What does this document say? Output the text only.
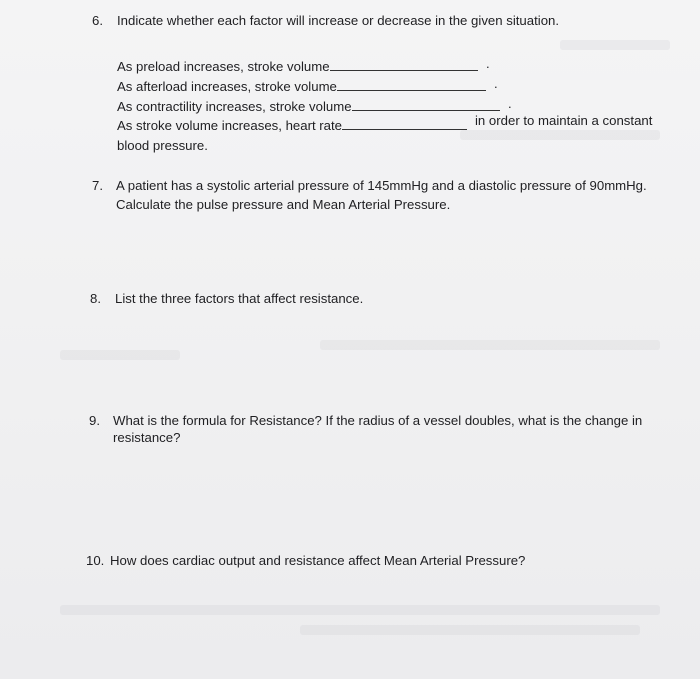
6. Indicate whether each factor will increase or decrease in the given situation.
As preload increases, stroke volume	.
As afterload increases, stroke volume	.
As contractility increases, stroke volume	.
As stroke volume increases, heart rate	in order to maintain a constant
blood pressure.
7. A patient has a systolic arterial pressure of 145mmHg and a diastolic pressure of 90mmHg.
Calculate the pulse pressure and Mean Arterial Pressure.
8. List the three factors that affect resistance.
9. What is the formula for Resistance? If the radius of a vessel doubles, what is the change in
resistance?
10. How does cardiac output and resistance affect Mean Arterial Pressure?
